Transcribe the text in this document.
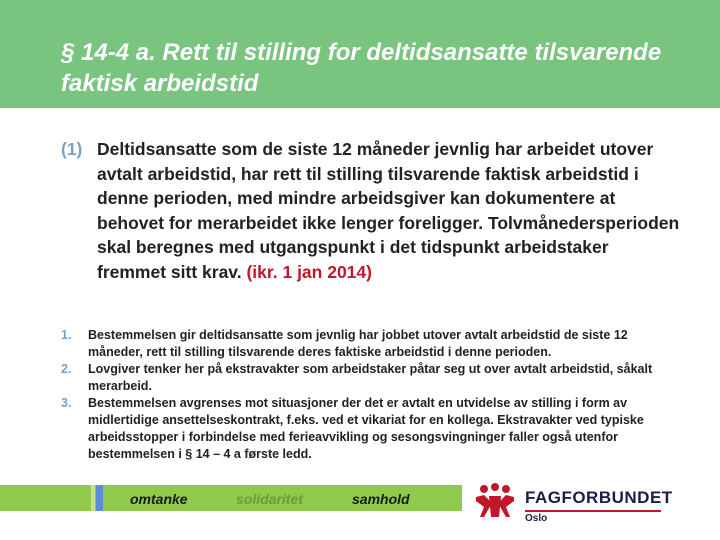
§ 14-4 a. Rett til stilling for deltidsansatte tilsvarende faktisk arbeidstid
(1) Deltidsansatte som de siste 12 måneder jevnlig har arbeidet utover avtalt arbeidstid, har rett til stilling tilsvarende faktisk arbeidstid i denne perioden, med mindre arbeidsgiver kan dokumentere at behovet for merarbeidet ikke lenger foreligger. Tolvmånedersperioden skal beregnes med utgangspunkt i det tidspunkt arbeidstaker fremmet sitt krav. (ikr. 1 jan 2014)
1. Bestemmelsen gir deltidsansatte som jevnlig har jobbet utover avtalt arbeidstid de siste 12 måneder, rett til stilling tilsvarende deres faktiske arbeidstid i denne perioden.
2. Lovgiver tenker her på ekstravakter som arbeidstaker påtar seg ut over avtalt arbeidstid, såkalt merarbeid.
3. Bestemmelsen avgrenses mot situasjoner der det er avtalt en utvidelse av stilling i form av midlertidige ansettelseskontrakt, f.eks. ved et vikariat for en kollega. Ekstravakter ved typiske arbeidsstopper i forbindelse med ferieavvikling og sesongsvingninger faller også utenfor bestemmelsen i § 14 – 4 a første ledd.
omtanke	solidaritet	samhold	FAGFORBUNDET
Oslo
5
